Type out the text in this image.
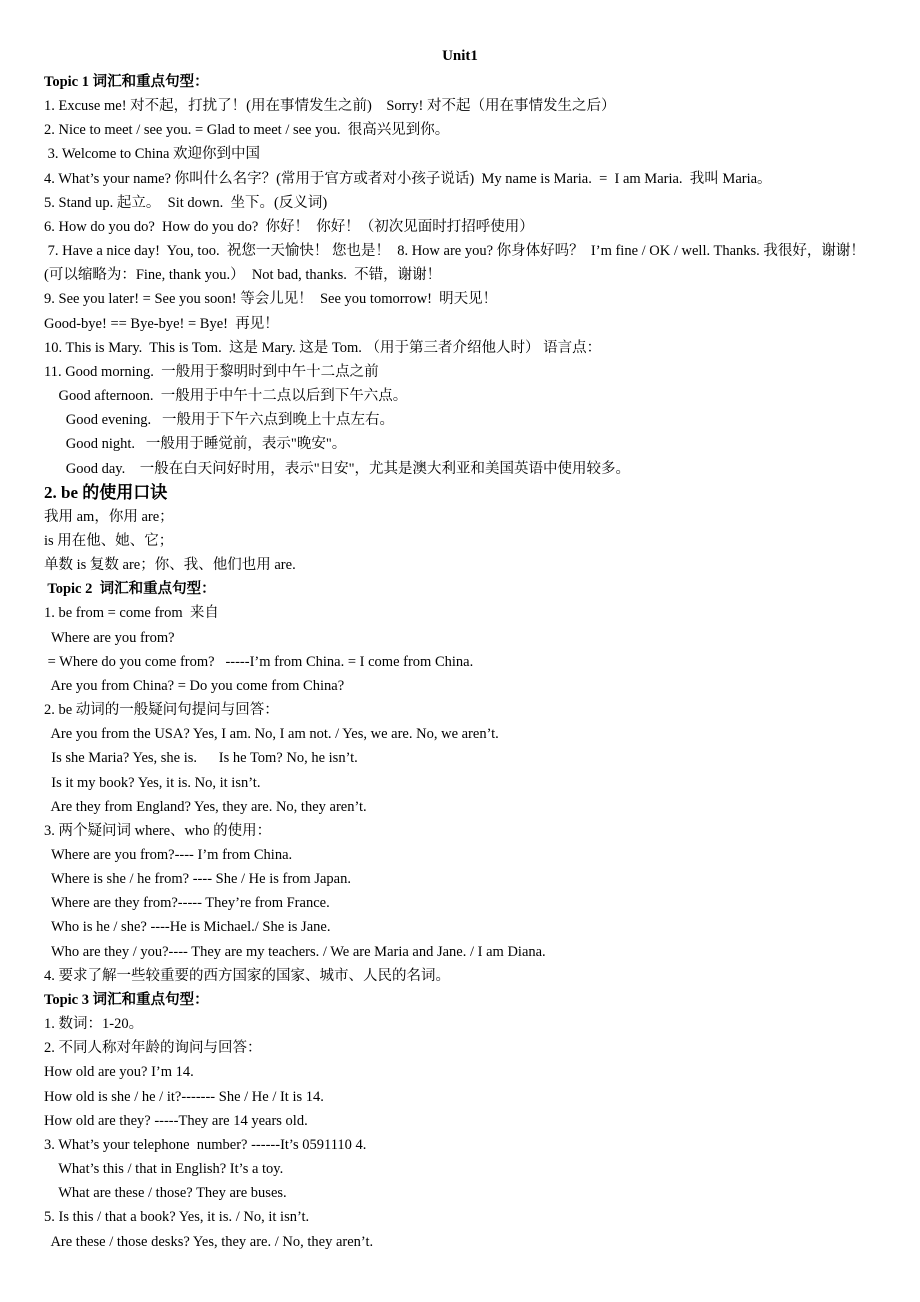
Unit1
Topic 1 词汇和重点句型：
1. Excuse me! 对不起，打扰了！(用在事情发生之前)    Sorry! 对不起（用在事情发生之后）
2. Nice to meet / see you. = Glad to meet / see you.  很高兴见到你。
3. Welcome to China 欢迎你到中国
4. What’s your name? 你叫什么名字？(常用于官方或者对小孩子说话)  My name is Maria.  =  I am Maria.  我叫 Maria。
5. Stand up. 起立。  Sit down.  坐下。(反义词)
6. How do you do?  How do you do?  你好！  你好！（初次见面时打招呼使用）
7. Have a nice day!  You, too.  祝您一天愉快！ 您也是！  8. How are you? 你身体好吗？  I’m fine / OK / well. Thanks. 我很好，谢谢！(可以缩略为：Fine, thank you.）  Not bad, thanks.  不错，谢谢！
9. See you later! = See you soon! 等会儿见！  See you tomorrow!  明天见！
Good-bye! == Bye-bye! = Bye!  再见！
10. This is Mary.  This is Tom.  这是 Mary. 这是 Tom. （用于第三者介绍他人时） 语言点：
11. Good morning.  一般用于黎明时到中午十二点之前
Good afternoon.  一般用于中午十二点以后到下午六点。
Good evening.   一般用于下午六点到晚上十点左右。
Good night.   一般用于睡觉前，表示"晚安"。
Good day.    一般在白天问好时用，表示"日安"，尤其是澳大利亚和美国英语中使用较多。
2. be 的使用口诀
我用 am，你用 are；
is 用在他、她、它；
单数 is 复数 are；你、我、他们也用 are.
Topic 2  词汇和重点句型：
1. be from = come from  来自
Where are you from?
= Where do you come from?   -----I’m from China. = I come from China.
Are you from China? = Do you come from China?
2. be 动词的一般疑问句提问与回答：
Are you from the USA? Yes, I am. No, I am not. / Yes, we are. No, we aren’t.
Is she Maria? Yes, she is.      Is he Tom? No, he isn’t.
Is it my book? Yes, it is. No, it isn’t.
Are they from England? Yes, they are. No, they aren’t.
3. 两个疑问词 where、who 的使用：
Where are you from?---- I’m from China.
Where is she / he from? ---- She / He is from Japan.
Where are they from?----- They’re from France.
Who is he / she? ----He is Michael./ She is Jane.
Who are they / you?---- They are my teachers. / We are Maria and Jane. / I am Diana.
4. 要求了解一些较重要的西方国家的国家、城市、人民的名词。
Topic 3 词汇和重点句型：
1. 数词：1-20。
2. 不同人称对年龄的询问与回答：
How old are you? I’m 14.
How old is she / he / it?------- She / He / It is 14.
How old are they? -----They are 14 years old.
3. What’s your telephone  number? ------It’s 0591110 4.
What’s this / that in English? It’s a toy.
What are these / those? They are buses.
5. Is this / that a book? Yes, it is. / No, it isn’t.
Are these / those desks? Yes, they are. / No, they aren’t.
